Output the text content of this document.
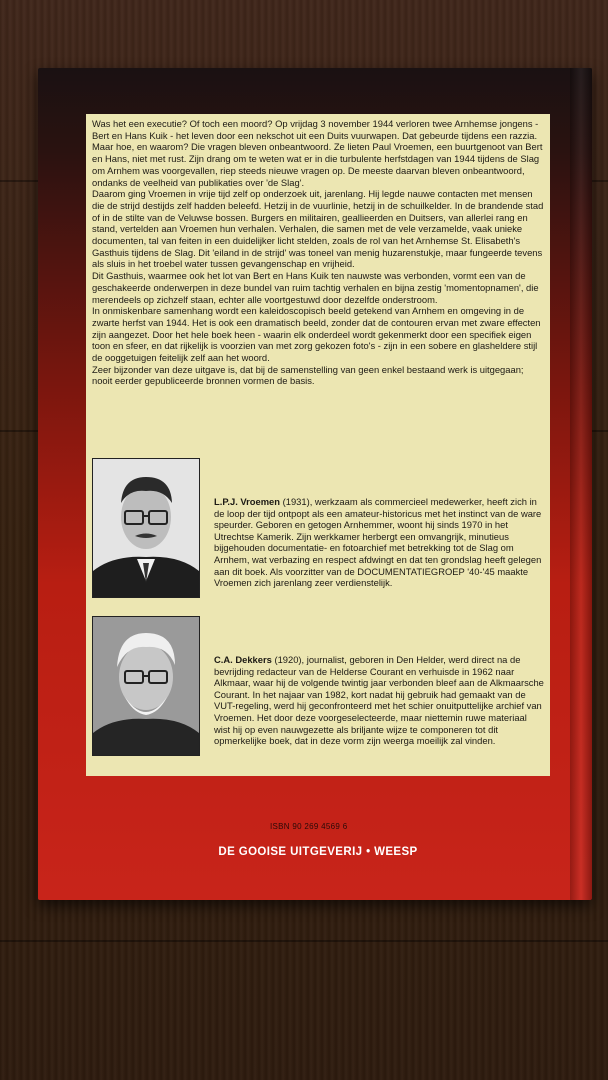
Was het een executie? Of toch een moord? Op vrijdag 3 november 1944 verloren twee Arnhemse jongens - Bert en Hans Kuik - het leven door een nekschot uit een Duits vuurwapen. Dat gebeurde tijdens een razzia. Maar hoe, en waarom? Die vragen bleven onbeantwoord. Ze lieten Paul Vroemen, een buurtgenoot van Bert en Hans, niet met rust. Zijn drang om te weten wat er in die turbulente herfstdagen van 1944 tijdens de Slag om Arnhem was voorgevallen, riep steeds nieuwe vragen op. De meeste daarvan bleven onbeantwoord, ondanks de veelheid van publikaties over 'de Slag'.

Daarom ging Vroemen in vrije tijd zelf op onderzoek uit, jarenlang. Hij legde nauwe contacten met mensen die de strijd destijds zelf hadden beleefd. Hetzij in de vuurlinie, hetzij in de schuilkelder. In de brandende stad of in de stilte van de Veluwse bossen. Burgers en militairen, geallieerden en Duitsers, van allerlei rang en stand, vertelden aan Vroemen hun verhalen. Verhalen, die samen met de vele verzamelde, vaak unieke documenten, tal van feiten in een duidelijker licht stelden, zoals de rol van het Arnhemse St. Elisabeth's Gasthuis tijdens de Slag. Dit 'eiland in de strijd' was toneel van menig huzarenstukje, maar fungeerde tevens als sluis in het troebel water tussen gevangenschap en vrijheid.

Dit Gasthuis, waarmee ook het lot van Bert en Hans Kuik ten nauwste was verbonden, vormt een van de geschakeerde onderwerpen in deze bundel van ruim tachtig verhalen en bijna zestig 'momentopnamen', die merendeels op zichzelf staan, echter alle voortgestuwd door dezelfde onderstroom.

In onmiskenbare samenhang wordt een kaleidoscopisch beeld getekend van Arnhem en omgeving in de zwarte herfst van 1944. Het is ook een dramatisch beeld, zonder dat de contouren ervan met zware effecten zijn aangezet. Door het hele boek heen - waarin elk onderdeel wordt gekenmerkt door een specifiek eigen toon en sfeer, en dat rijkelijk is voorzien van met zorg gekozen foto's - zijn in een sobere en glasheldere stijl de ooggetuigen feitelijk zelf aan het woord.

Zeer bijzonder van deze uitgave is, dat bij de samenstelling van geen enkel bestaand werk is uitgegaan; nooit eerder gepubliceerde bronnen vormen de basis.

L.P.J. Vroemen (1931), werkzaam als commercieel medewerker, heeft zich in de loop der tijd ontpopt als een amateur-historicus met het instinct van de ware speurder. Geboren en getogen Arnhemmer, woont hij sinds 1970 in het Utrechtse Kamerik. Zijn werkkamer herbergt een omvangrijk, minutieus bijgehouden documentatie- en fotoarchief met betrekking tot de Slag om Arnhem, wat verbazing en respect afdwingt en dat ten grondslag heeft gelegen aan dit boek. Als voorzitter van de DOCUMENTATIEGROEP '40-'45 maakte Vroemen zich jarenlang zeer verdienstelijk.
C.A. Dekkers (1920), journalist, geboren in Den Helder, werd direct na de bevrijding redacteur van de Helderse Courant en verhuisde in 1962 naar Alkmaar, waar hij de volgende twintig jaar verbonden bleef aan de Alkmaarsche Courant. In het najaar van 1982, kort nadat hij gebruik had gemaakt van de VUT-regeling, werd hij geconfronteerd met het schier onuitputtelijke archief van Vroemen. Het door deze voorgeselecteerde, maar niettemin ruwe materiaal wist hij op even nauwgezette als briljante wijze te componeren tot dit opmerkelijke boek, dat in deze vorm zijn weerga moeilijk zal vinden.
ISBN 90 269 4569 6
DE GOOISE UITGEVERIJ • WEESP
